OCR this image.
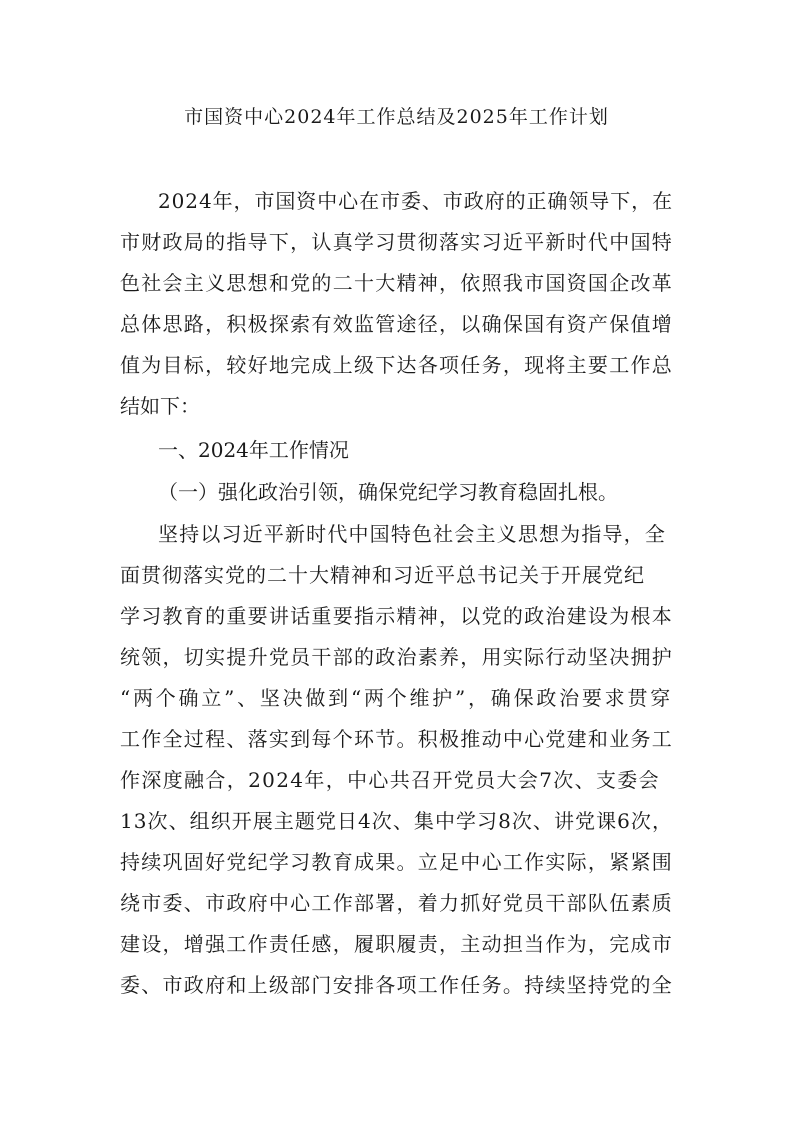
市国资中心2024年工作总结及2025年工作计划
2024年，市国资中心在市委、市政府的正确领导下，在
市财政局的指导下，认真学习贯彻落实习近平新时代中国特
色社会主义思想和党的二十大精神，依照我市国资国企改革
总体思路，积极探索有效监管途径，以确保国有资产保值增
值为目标，较好地完成上级下达各项任务，现将主要工作总
结如下：
一、2024年工作情况
（一）强化政治引领，确保党纪学习教育稳固扎根。
坚持以习近平新时代中国特色社会主义思想为指导，全
面贯彻落实党的二十大精神和习近平总书记关于开展党纪
学习教育的重要讲话重要指示精神，以党的政治建设为根本
统领，切实提升党员干部的政治素养，用实际行动坚决拥护
“两个确立”、坚决做到“两个维护”，确保政治要求贯穿
工作全过程、落实到每个环节。积极推动中心党建和业务工
作深度融合，2024年，中心共召开党员大会7次、支委会
13次、组织开展主题党日4次、集中学习8次、讲党课6次，
持续巩固好党纪学习教育成果。立足中心工作实际，紧紧围
绕市委、市政府中心工作部署，着力抓好党员干部队伍素质
建设，增强工作责任感，履职履责，主动担当作为，完成市
委、市政府和上级部门安排各项工作任务。持续坚持党的全
